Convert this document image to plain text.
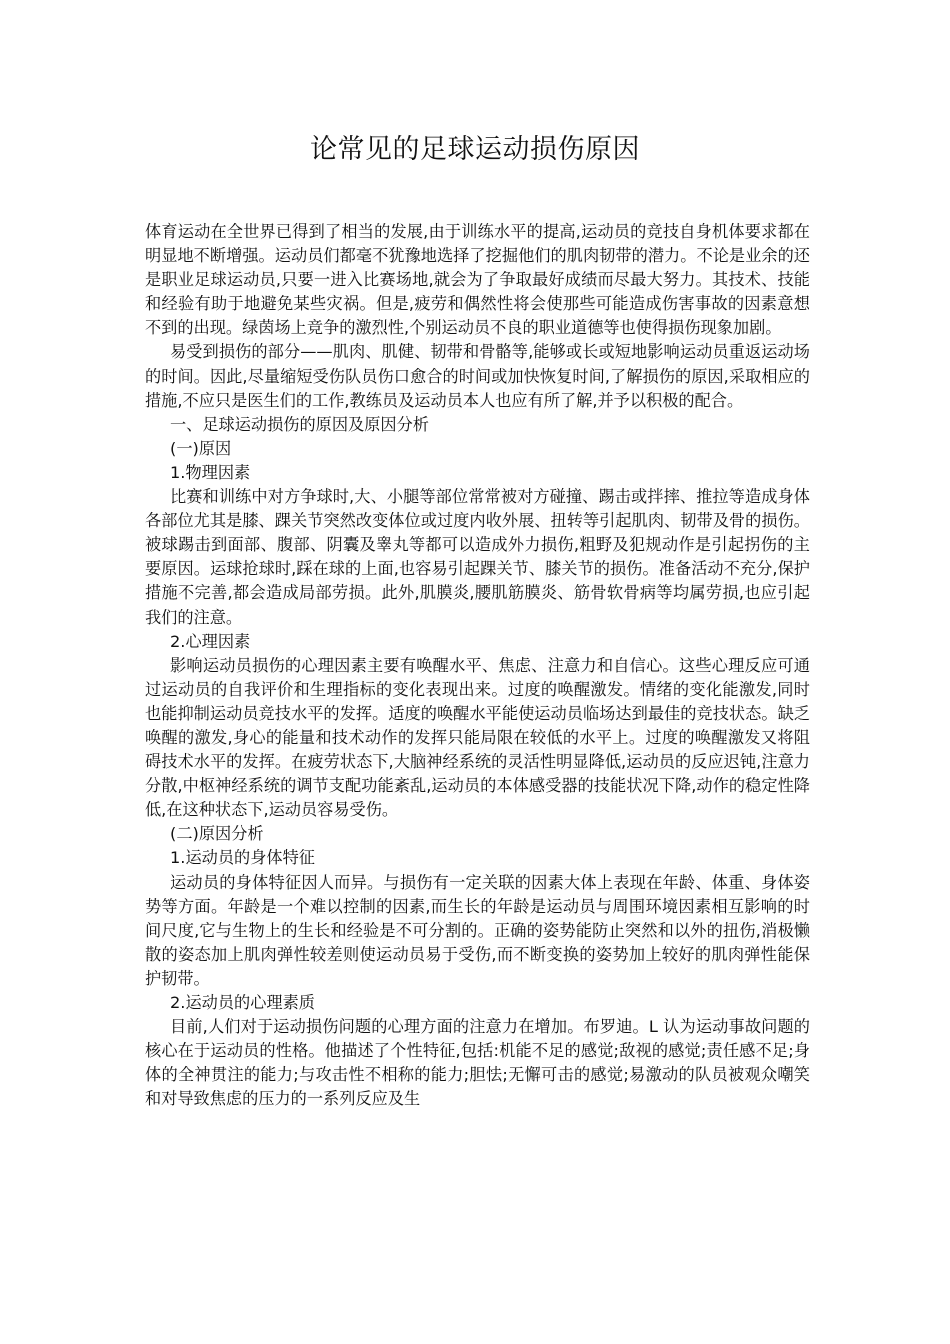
论常见的足球运动损伤原因

体育运动在全世界已得到了相当的发展,由于训练水平的提高,运动员的竞技自身机体要求都在明显地不断增强。运动员们都毫不犹豫地选择了挖掘他们的肌肉韧带的潜力。不论是业余的还是职业足球运动员,只要一进入比赛场地,就会为了争取最好成绩而尽最大努力。其技术、技能和经验有助于地避免某些灾祸。但是,疲劳和偶然性将会使那些可能造成伤害事故的因素意想不到的出现。绿茵场上竞争的激烈性,个别运动员不良的职业道德等也使得损伤现象加剧。

易受到损伤的部分——肌肉、肌健、韧带和骨骼等,能够或长或短地影响运动员重返运动场的时间。因此,尽量缩短受伤队员伤口愈合的时间或加快恢复时间,了解损伤的原因,采取相应的措施,不应只是医生们的工作,教练员及运动员本人也应有所了解,并予以积极的配合。

一、足球运动损伤的原因及原因分析

(一)原因

1.物理因素

比赛和训练中对方争球时,大、小腿等部位常常被对方碰撞、踢击或拌摔、推拉等造成身体各部位尤其是膝、踝关节突然改变体位或过度内收外展、扭转等引起肌肉、韧带及骨的损伤。被球踢击到面部、腹部、阴囊及睾丸等都可以造成外力损伤,粗野及犯规动作是引起拐伤的主要原因。运球抢球时,踩在球的上面,也容易引起踝关节、膝关节的损伤。准备活动不充分,保护措施不完善,都会造成局部劳损。此外,肌膜炎,腰肌筋膜炎、筋骨软骨病等均属劳损,也应引起我们的注意。

2.心理因素

影响运动员损伤的心理因素主要有唤醒水平、焦虑、注意力和自信心。这些心理反应可通过运动员的自我评价和生理指标的变化表现出来。过度的唤醒激发。情绪的变化能激发,同时也能抑制运动员竞技水平的发挥。适度的唤醒水平能使运动员临场达到最佳的竞技状态。缺乏唤醒的激发,身心的能量和技术动作的发挥只能局限在较低的水平上。过度的唤醒激发又将阻碍技术水平的发挥。在疲劳状态下,大脑神经系统的灵活性明显降低,运动员的反应迟钝,注意力分散,中枢神经系统的调节支配功能紊乱,运动员的本体感受器的技能状况下降,动作的稳定性降低,在这种状态下,运动员容易受伤。

(二)原因分析

1.运动员的身体特征

运动员的身体特征因人而异。与损伤有一定关联的因素大体上表现在年龄、体重、身体姿势等方面。年龄是一个难以控制的因素,而生长的年龄是运动员与周围环境因素相互影响的时间尺度,它与生物上的生长和经验是不可分割的。正确的姿势能防止突然和以外的扭伤,消极懒散的姿态加上肌肉弹性较差则使运动员易于受伤,而不断变换的姿势加上较好的肌肉弹性能保护韧带。

2.运动员的心理素质

目前,人们对于运动损伤问题的心理方面的注意力在增加。布罗迪。L 认为运动事故问题的核心在于运动员的性格。他描述了个性特征,包括:机能不足的感觉;敌视的感觉;责任感不足;身体的全神贯注的能力;与攻击性不相称的能力;胆怯;无懈可击的感觉;易激动的队员被观众嘲笑和对导致焦虑的压力的一系列反应及生
